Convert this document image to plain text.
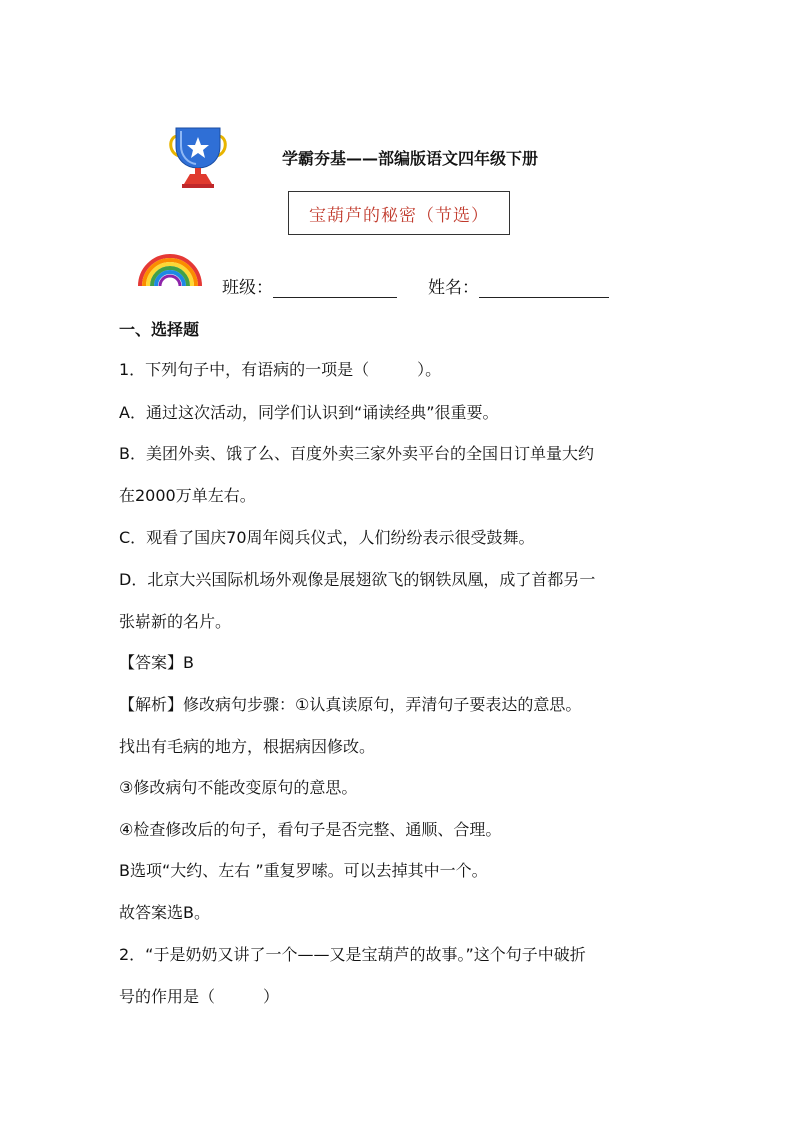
学霸夯基——部编版语文四年级下册
宝葫芦的秘密（节选）
班级：	姓名：
一、选择题
1．下列句子中，有语病的一项是（　　　）。
A．通过这次活动，同学们认识到“诵读经典”很重要。
B．美团外卖、饿了么、百度外卖三家外卖平台的全国日订单量大约
在2000万单左右。
C．观看了国庆70周年阅兵仪式，人们纷纷表示很受鼓舞。
D．北京大兴国际机场外观像是展翅欲飞的钢铁凤凰，成了首都另一
张崭新的名片。
【答案】B
【解析】修改病句步骤：①认真读原句，弄清句子要表达的意思。
找出有毛病的地方，根据病因修改。
③修改病句不能改变原句的意思。
④检查修改后的句子，看句子是否完整、通顺、合理。
B选项“大约、左右 ”重复罗嗦。可以去掉其中一个。
故答案选B。
2．“于是奶奶又讲了一个——又是宝葫芦的故事。”这个句子中破折
号的作用是（　　　）
